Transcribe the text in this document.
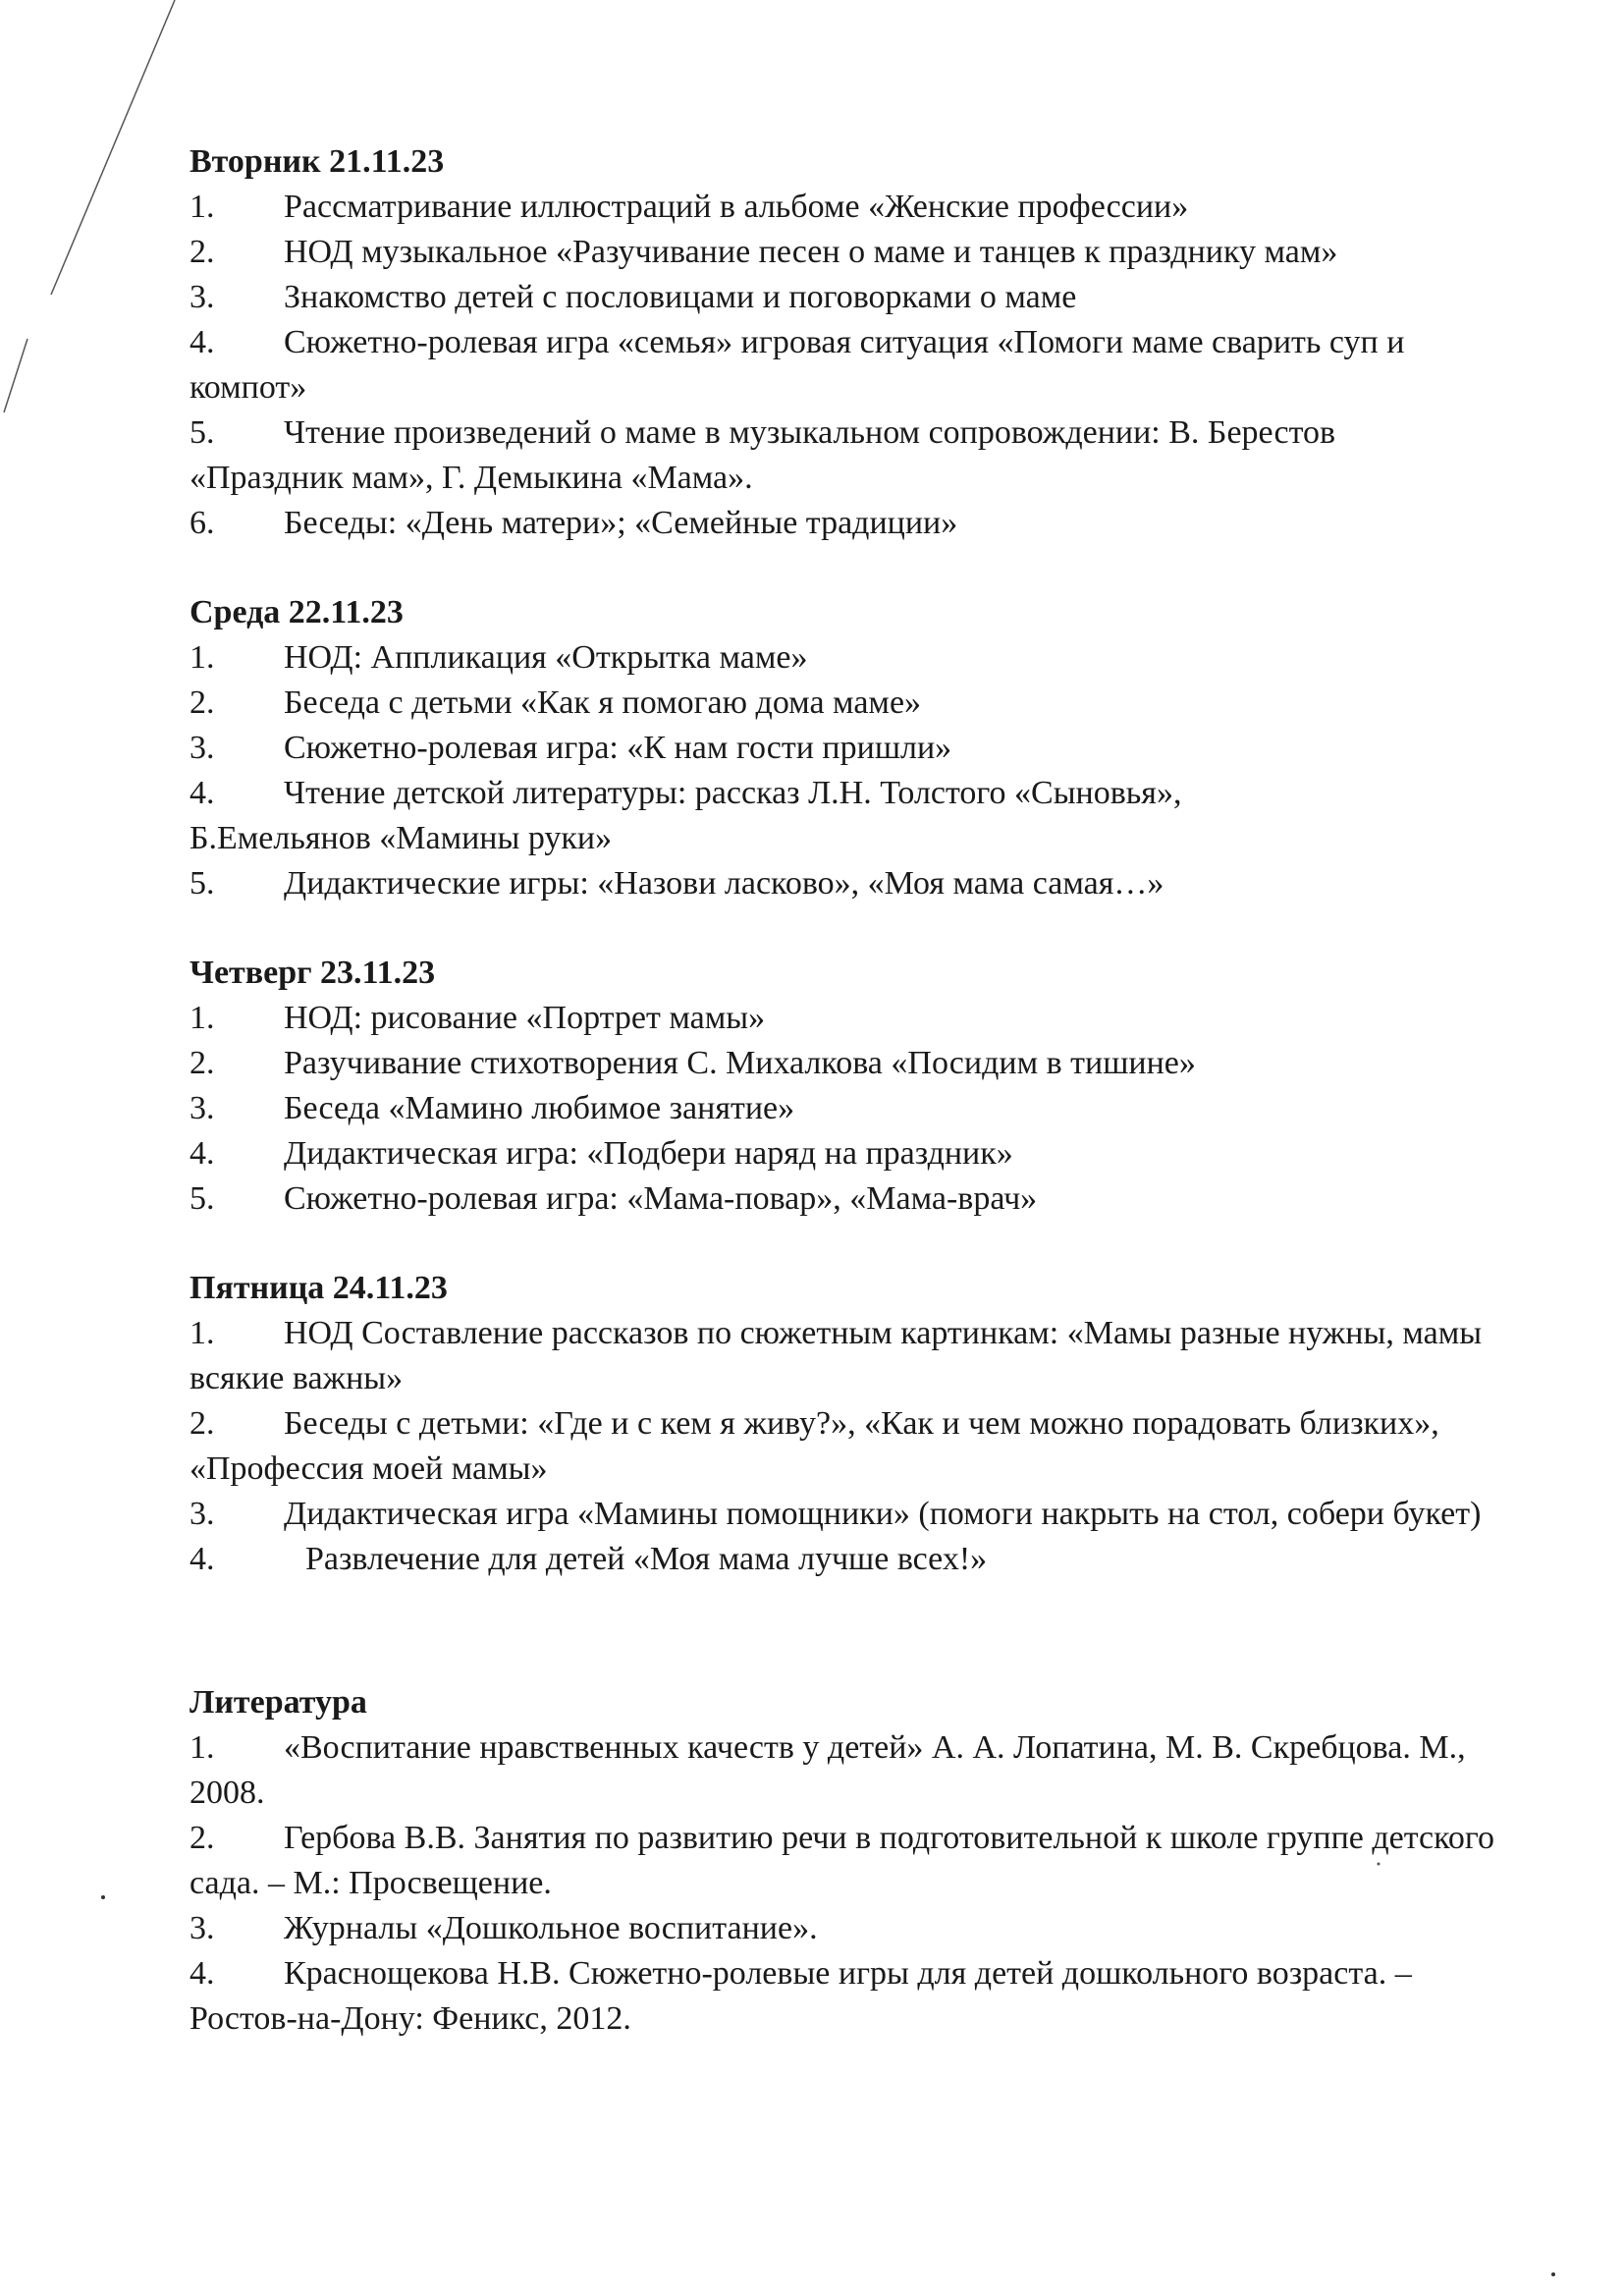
Вторник 21.11.23

1. Рассматривание иллюстраций в альбоме «Женские профессии»

2. НОД музыкальное «Разучивание песен о маме и танцев к празднику мам»

3. Знакомство детей с пословицами и поговорками о маме

4. Сюжетно-ролевая игра «семья» игровая ситуация «Помоги маме сварить суп и компот»

5. Чтение произведений о маме в музыкальном сопровождении: В. Берестов «Праздник мам», Г. Демыкина «Мама».

6. Беседы: «День матери»; «Семейные традиции»

Среда 22.11.23

1. НОД: Аппликация «Открытка маме»

2. Беседа с детьми «Как я помогаю дома маме»

3. Сюжетно-ролевая игра: «К нам гости пришли»

4. Чтение детской литературы: рассказ Л.Н. Толстого «Сыновья», Б.Емельянов «Мамины руки»

5. Дидактические игры: «Назови ласково», «Моя мама самая…»

Четверг 23.11.23

1. НОД: рисование «Портрет мамы»

2. Разучивание стихотворения С. Михалкова «Посидим в тишине»

3. Беседа «Мамино любимое занятие»

4. Дидактическая игра: «Подбери наряд на праздник»

5. Сюжетно-ролевая игра: «Мама-повар», «Мама-врач»

Пятница 24.11.23

1. НОД Составление рассказов по сюжетным картинкам: «Мамы разные нужны, мамы всякие важны»

2. Беседы с детьми: «Где и с кем я живу?», «Как и чем можно порадовать близких», «Профессия моей мамы»

3. Дидактическая игра «Мамины помощники» (помоги накрыть на стол, собери букет)

4.	Развлечение для детей «Моя мама лучше всех!»

Литература

1. «Воспитание нравственных качеств у детей» А. А. Лопатина, М. В. Скребцова. М., 2008.

2. Гербова В.В. Занятия по развитию речи в подготовительной к школе группе детского сада. – М.: Просвещение.

3. Журналы «Дошкольное воспитание».

4. Краснощекова Н.В. Сюжетно-ролевые игры для детей дошкольного возраста. – Ростов-на-Дону: Феникс, 2012.
